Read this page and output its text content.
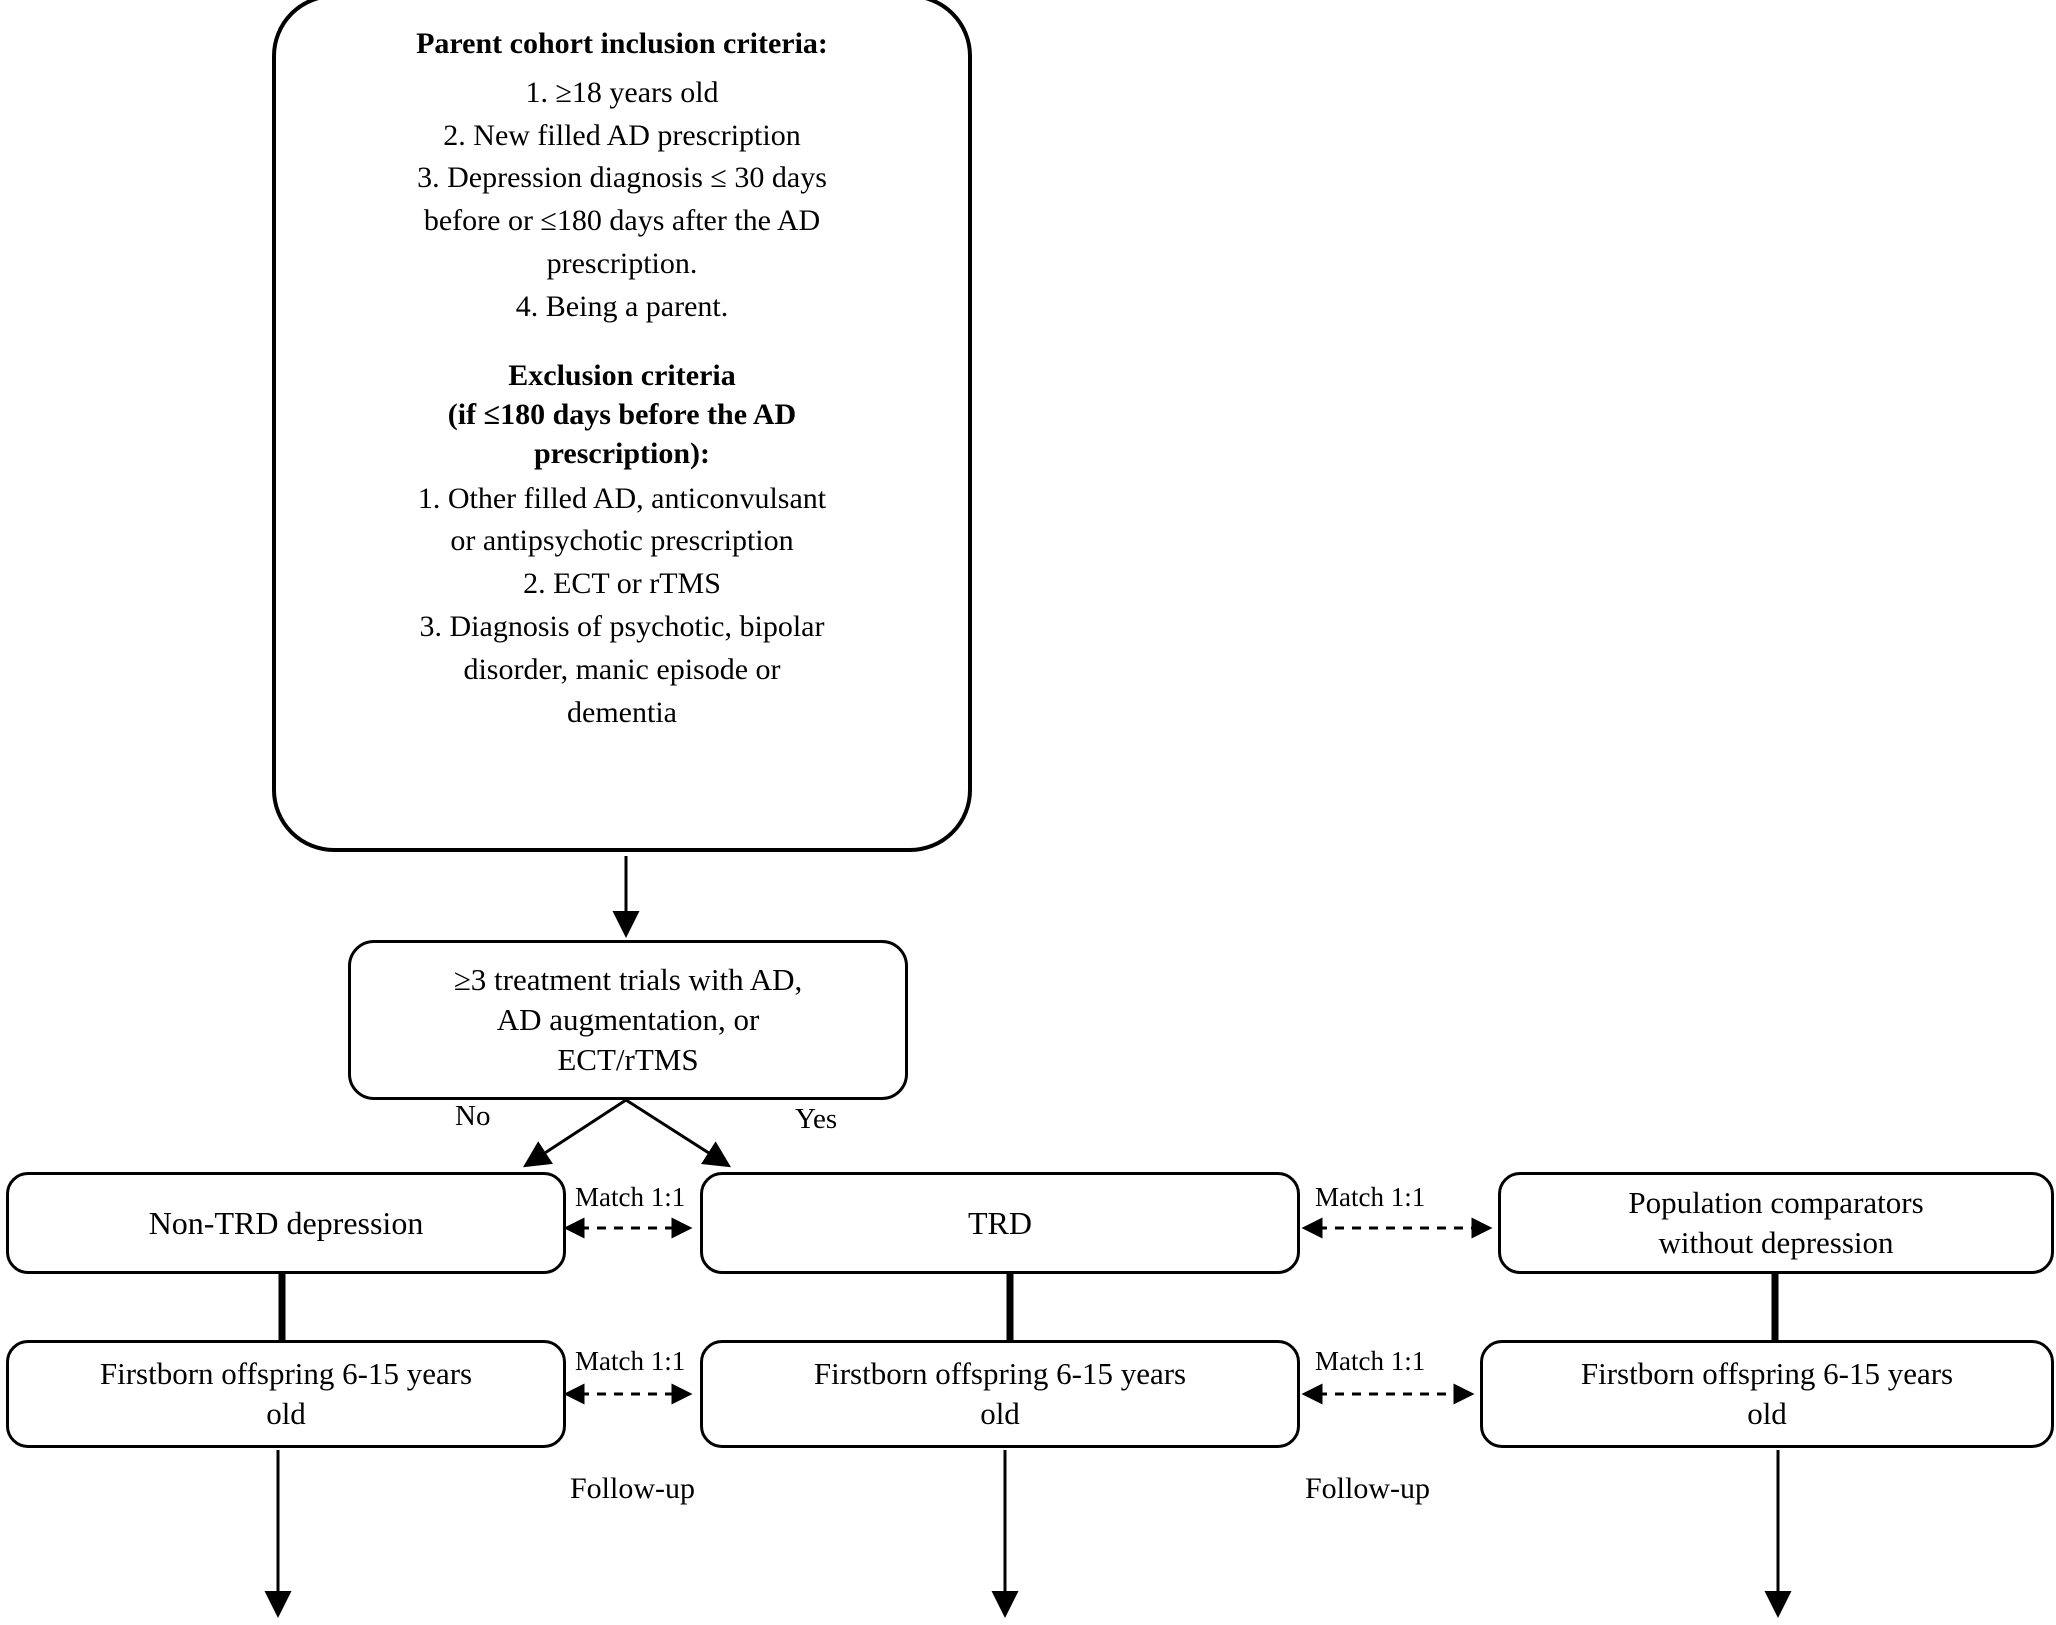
Parent cohort inclusion criteria:
1. ≥18 years old
2. New filled AD prescription
3. Depression diagnosis ≤ 30 days
before or ≤180 days after the AD
prescription.
4. Being a parent.
Exclusion criteria
(if ≤180 days before the AD
prescription):
1. Other filled AD, anticonvulsant
or antipsychotic prescription
2. ECT or rTMS
3. Diagnosis of psychotic, bipolar
disorder, manic episode or
dementia
≥3 treatment trials with AD,
AD augmentation, or
ECT/rTMS
No	Yes
Non-TRD depression	TRD
Population comparators
without depression
Firstborn offspring 6-15 years
old
Firstborn offspring 6-15 years
old
Firstborn offspring 6-15 years
old
Match 1:1	Match 1:1
Match 1:1	Match 1:1
Follow-up	Follow-up
